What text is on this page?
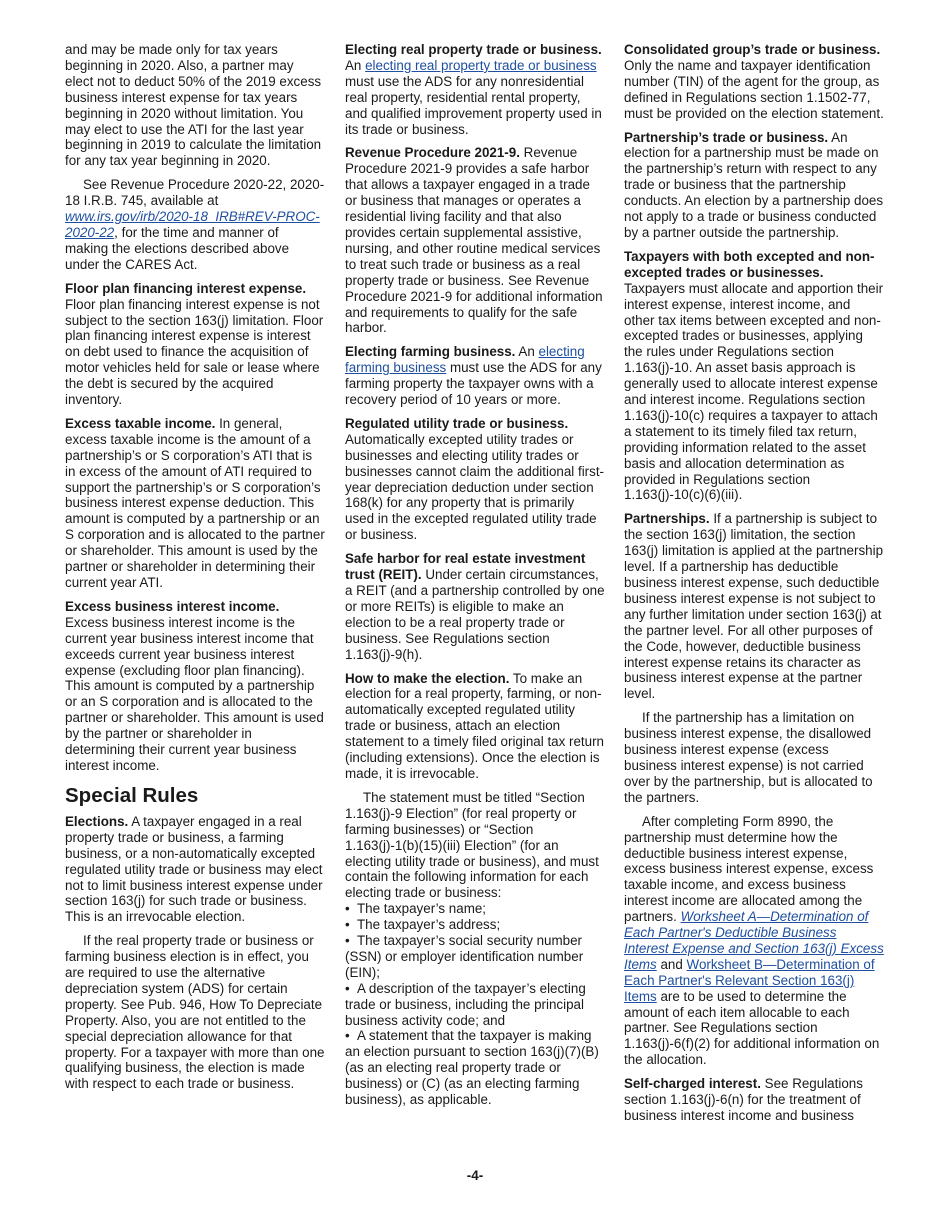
and may be made only for tax years beginning in 2020. Also, a partner may elect not to deduct 50% of the 2019 excess business interest expense for tax years beginning in 2020 without limitation. You may elect to use the ATI for the last year beginning in 2019 to calculate the limitation for any tax year beginning in 2020.

See Revenue Procedure 2020-22, 2020-18 I.R.B. 745, available at www.irs.gov/irb/2020-18_IRB#REV-PROC-2020-22, for the time and manner of making the elections described above under the CARES Act.

Floor plan financing interest expense. Floor plan financing interest expense is not subject to the section 163(j) limitation. Floor plan financing interest expense is interest on debt used to finance the acquisition of motor vehicles held for sale or lease where the debt is secured by the acquired inventory.

Excess taxable income. In general, excess taxable income is the amount of a partnership’s or S corporation’s ATI that is in excess of the amount of ATI required to support the partnership’s or S corporation’s business interest expense deduction. This amount is computed by a partnership or an S corporation and is allocated to the partner or shareholder. This amount is used by the partner or shareholder in determining their current year ATI.

Excess business interest income. Excess business interest income is the current year business interest income that exceeds current year business interest expense (excluding floor plan financing). This amount is computed by a partnership or an S corporation and is allocated to the partner or shareholder. This amount is used by the partner or shareholder in determining their current year business interest income.

Special Rules

Elections. A taxpayer engaged in a real property trade or business, a farming business, or a non-automatically excepted regulated utility trade or business may elect not to limit business interest expense under section 163(j) for such trade or business. This is an irrevocable election.

If the real property trade or business or farming business election is in effect, you are required to use the alternative depreciation system (ADS) for certain property. See Pub. 946, How To Depreciate Property. Also, you are not entitled to the special depreciation allowance for that property. For a taxpayer with more than one qualifying business, the election is made with respect to each trade or business.

Electing real property trade or business. An electing real property trade or business must use the ADS for any nonresidential real property, residential rental property, and qualified improvement property used in its trade or business.

Revenue Procedure 2021-9. Revenue Procedure 2021-9 provides a safe harbor that allows a taxpayer engaged in a trade or business that manages or operates a residential living facility and that also provides certain supplemental assistive, nursing, and other routine medical services to treat such trade or business as a real property trade or business. See Revenue Procedure 2021-9 for additional information and requirements to qualify for the safe harbor.

Electing farming business. An electing farming business must use the ADS for any farming property the taxpayer owns with a recovery period of 10 years or more.

Regulated utility trade or business. Automatically excepted utility trades or businesses and electing utility trades or businesses cannot claim the additional first-year depreciation deduction under section 168(k) for any property that is primarily used in the excepted regulated utility trade or business.

Safe harbor for real estate investment trust (REIT). Under certain circumstances, a REIT (and a partnership controlled by one or more REITs) is eligible to make an election to be a real property trade or business. See Regulations section 1.163(j)-9(h).

How to make the election. To make an election for a real property, farming, or non-automatically excepted regulated utility trade or business, attach an election statement to a timely filed original tax return (including extensions). Once the election is made, it is irrevocable.

The statement must be titled “Section 1.163(j)-9 Election” (for real property or farming businesses) or “Section 1.163(j)-1(b)(15)(iii) Election” (for an electing utility trade or business), and must contain the following information for each electing trade or business:

• The taxpayer’s name;
• The taxpayer’s address;
• The taxpayer’s social security number (SSN) or employer identification number (EIN);
• A description of the taxpayer’s electing trade or business, including the principal business activity code; and
• A statement that the taxpayer is making an election pursuant to section 163(j)(7)(B) (as an electing real property trade or business) or (C) (as an electing farming business), as applicable.

Consolidated group’s trade or business. Only the name and taxpayer identification number (TIN) of the agent for the group, as defined in Regulations section 1.1502-77, must be provided on the election statement.

Partnership’s trade or business. An election for a partnership must be made on the partnership’s return with respect to any trade or business that the partnership conducts. An election by a partnership does not apply to a trade or business conducted by a partner outside the partnership.

Taxpayers with both excepted and non-excepted trades or businesses. Taxpayers must allocate and apportion their interest expense, interest income, and other tax items between excepted and non-excepted trades or businesses, applying the rules under Regulations section 1.163(j)-10. An asset basis approach is generally used to allocate interest expense and interest income. Regulations section 1.163(j)-10(c) requires a taxpayer to attach a statement to its timely filed tax return, providing information related to the asset basis and allocation determination as provided in Regulations section 1.163(j)-10(c)(6)(iii).

Partnerships. If a partnership is subject to the section 163(j) limitation, the section 163(j) limitation is applied at the partnership level. If a partnership has deductible business interest expense, such deductible business interest expense is not subject to any further limitation under section 163(j) at the partner level. For all other purposes of the Code, however, deductible business interest expense retains its character as business interest expense at the partner level.

If the partnership has a limitation on business interest expense, the disallowed business interest expense (excess business interest expense) is not carried over by the partnership, but is allocated to the partners.

After completing Form 8990, the partnership must determine how the deductible business interest expense, excess business interest expense, excess taxable income, and excess business interest income are allocated among the partners. Worksheet A—Determination of Each Partner's Deductible Business Interest Expense and Section 163(j) Excess Items and Worksheet B—Determination of Each Partner's Relevant Section 163(j) Items are to be used to determine the amount of each item allocable to each partner. See Regulations section 1.163(j)-6(f)(2) for additional information on the allocation.

Self-charged interest. See Regulations section 1.163(j)-6(n) for the treatment of business interest income and business

-4-
